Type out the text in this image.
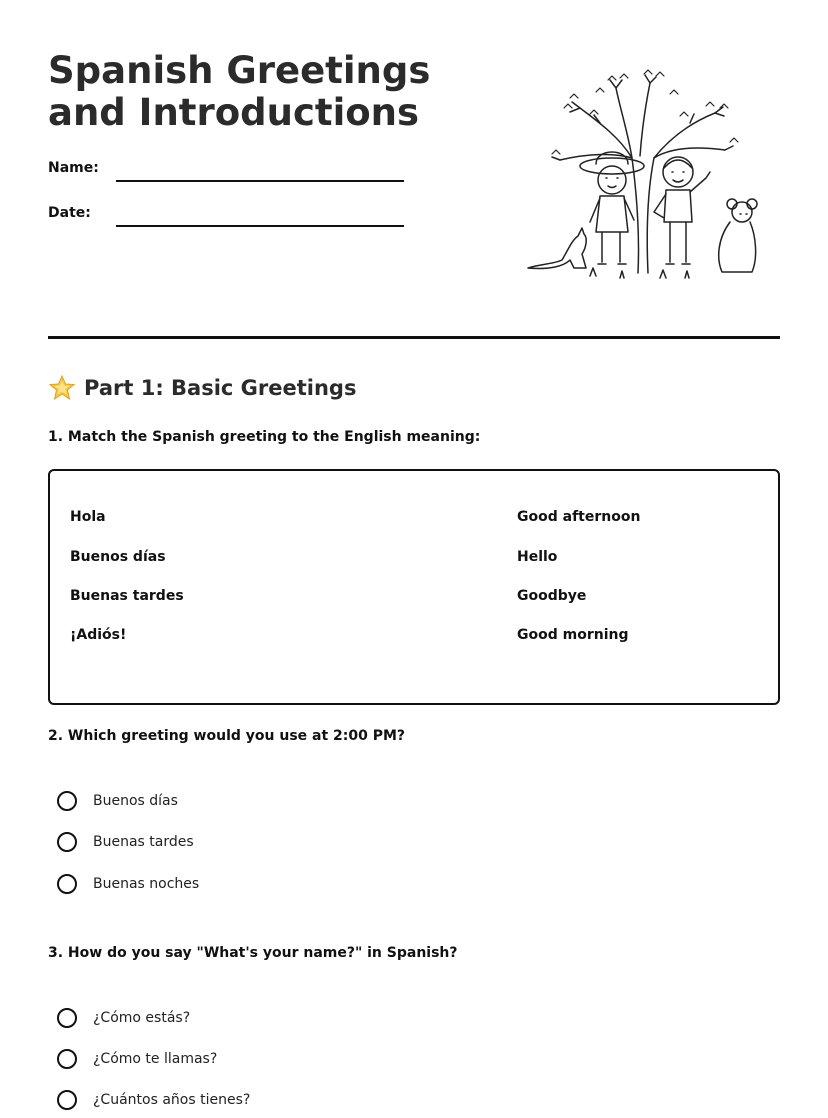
Spanish Greetings and Introductions
Name:
Date:
Part 1: Basic Greetings
1. Match the Spanish greeting to the English meaning:
Hola
Buenos días
Buenas tardes
¡Adiós!
Good afternoon
Hello
Goodbye
Good morning
2. Which greeting would you use at 2:00 PM?
Buenos días
Buenas tardes
Buenas noches
3. How do you say "What's your name?" in Spanish?
¿Cómo estás?
¿Cómo te llamas?
¿Cuántos años tienes?
